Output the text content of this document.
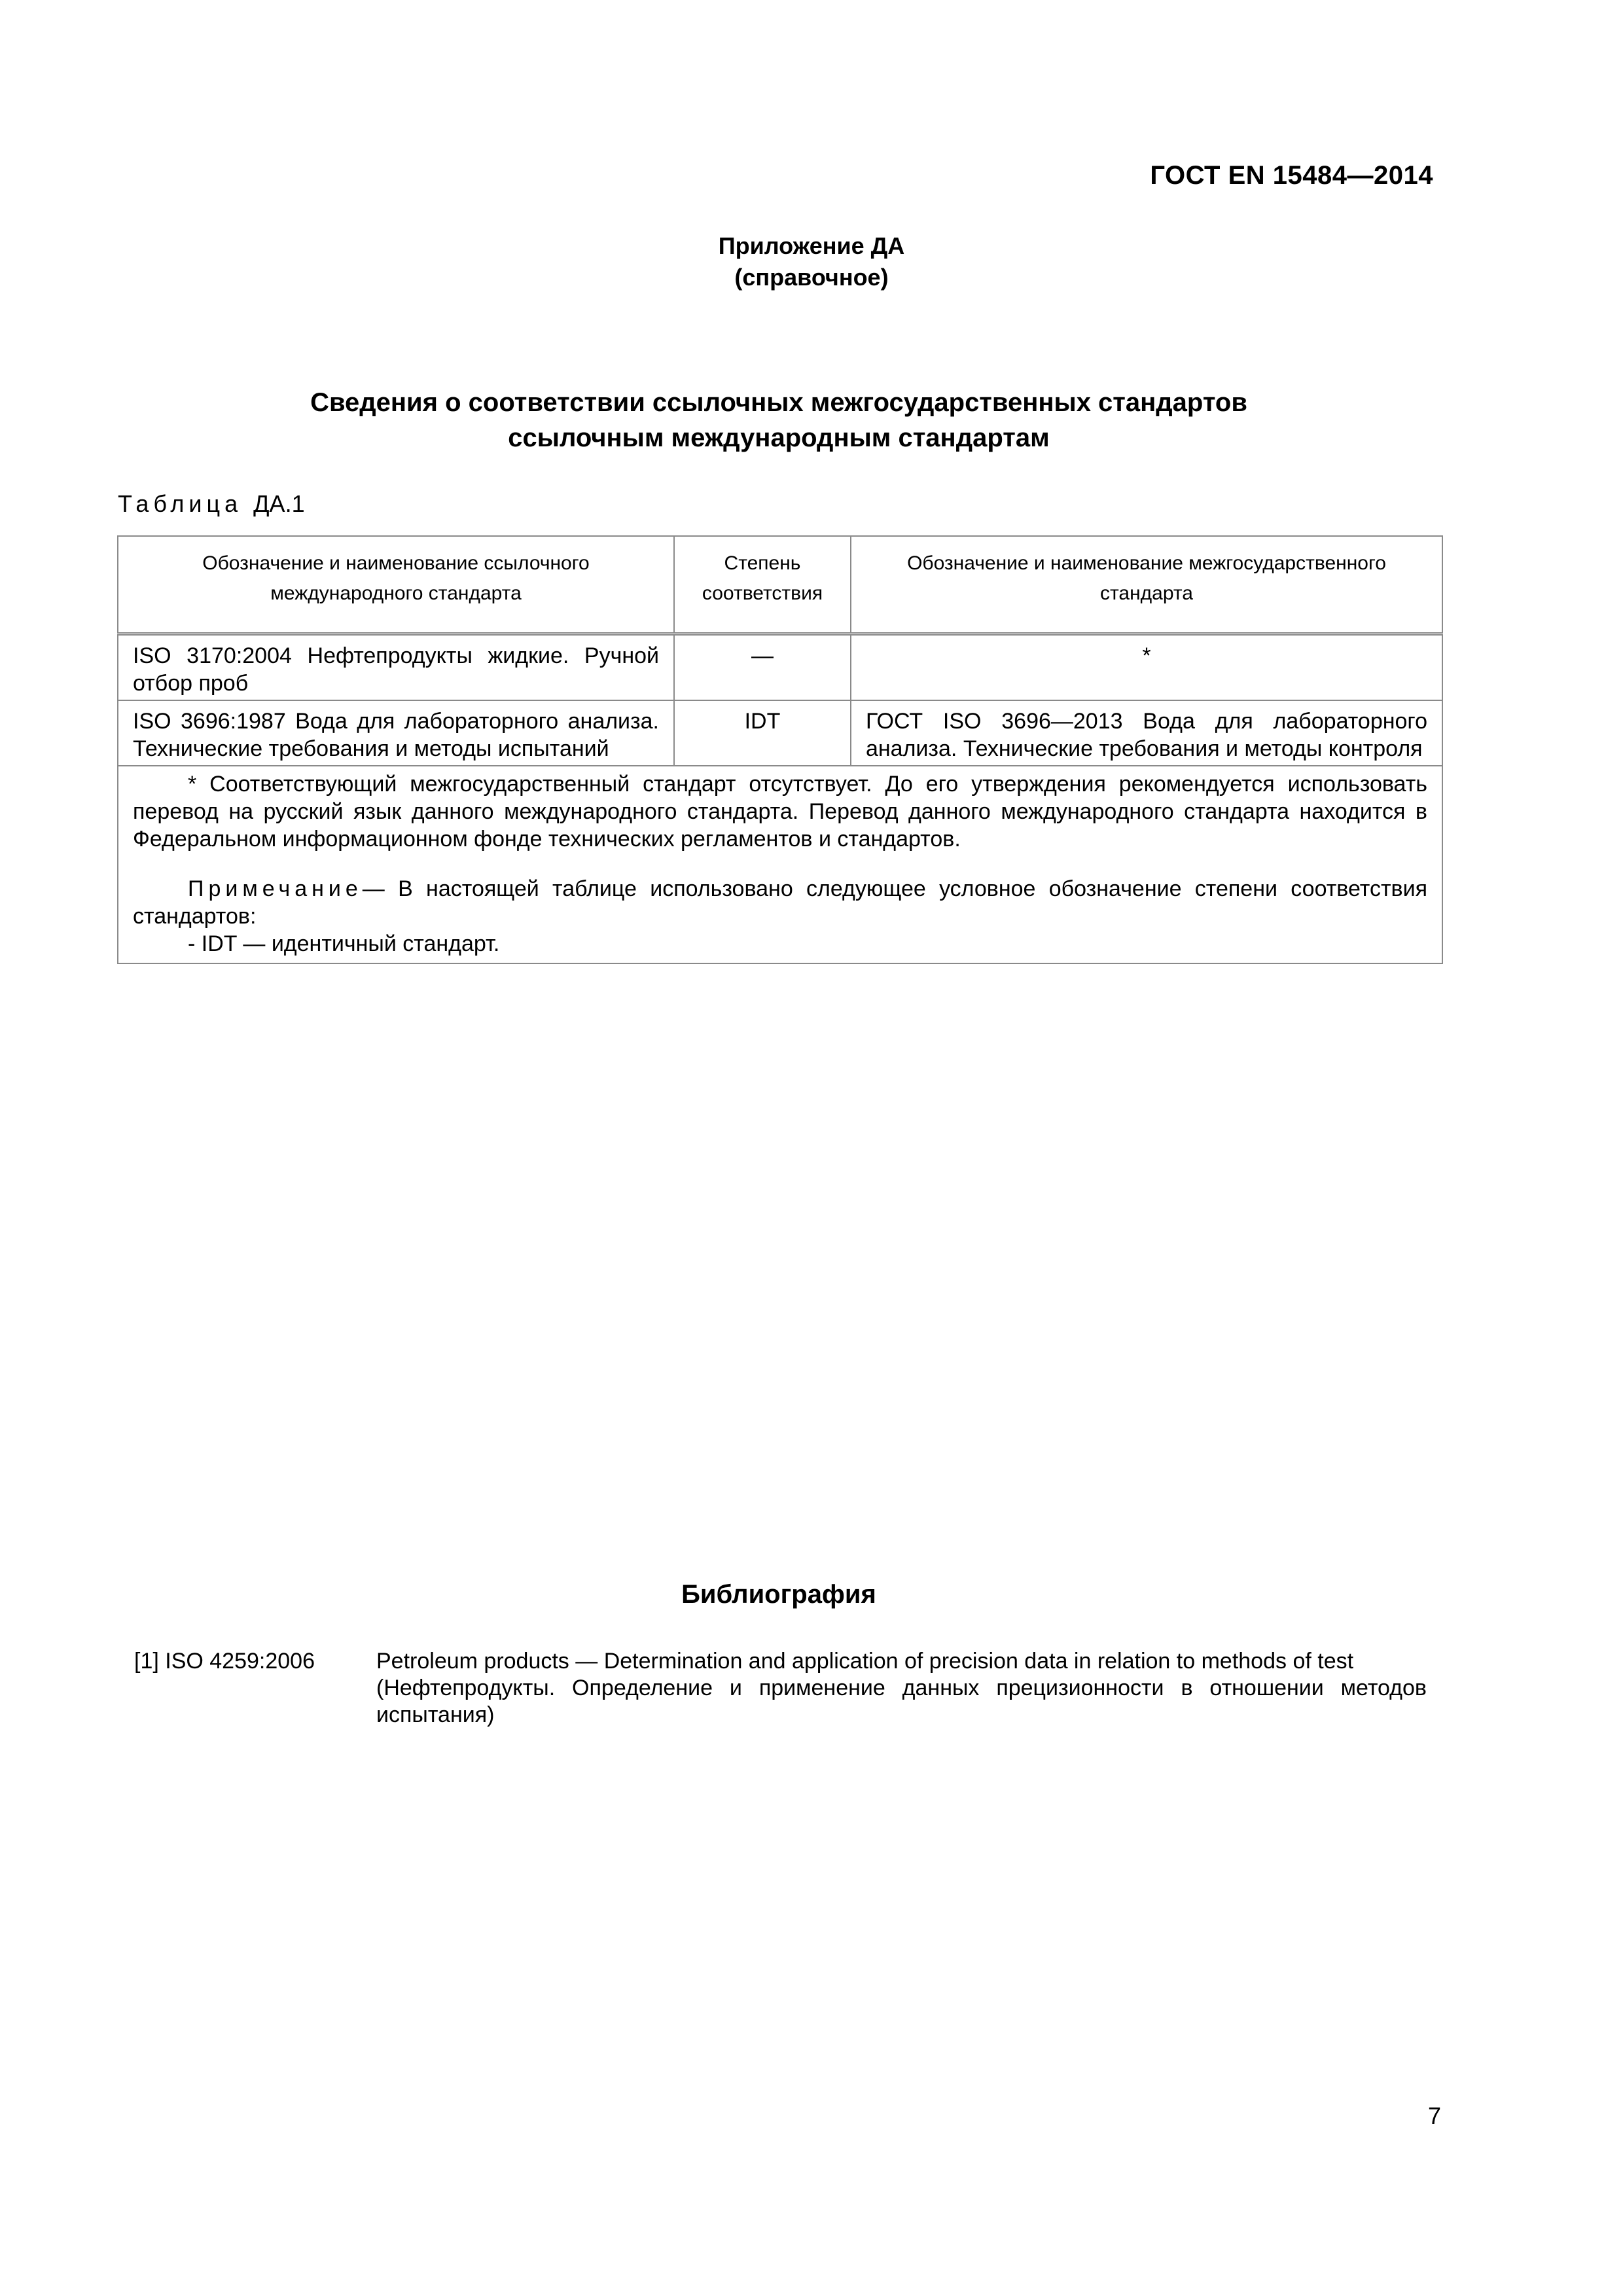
ГОСТ EN 15484—2014
Приложение ДА
(справочное)
Сведения о соответствии ссылочных межгосударственных стандартов
ссылочным международным стандартам
Таблица ДА.1
Обозначение и наименование ссылочного международного стандарта	Степень соответствия	Обозначение и наименование межгосударственного стандарта
ISO 3170:2004 Нефтепродукты жидкие. Ручной отбор проб	—	*
ISO 3696:1987 Вода для лабораторного анализа. Технические требования и методы испытаний	IDT	ГОСТ ISO 3696—2013 Вода для лабораторного анализа. Технические требования и методы контроля

* Соответствующий межгосударственный стандарт отсутствует. До его утверждения рекомендуется использовать перевод на русский язык данного международного стандарта. Перевод данного международного стандарта находится в Федеральном информационном фонде технических регламентов и стандартов.

Примечание— В настоящей таблице использовано следующее условное обозначение степени соответствия стандартов:

- IDT — идентичный стандарт.		

Библиография
[1] ISO 4259:2006	Petroleum products — Determination and application of precision data in relation to methods of test

(Нефтепродукты. Определение и применение данных прецизионности в отношении методов испытания)

7
